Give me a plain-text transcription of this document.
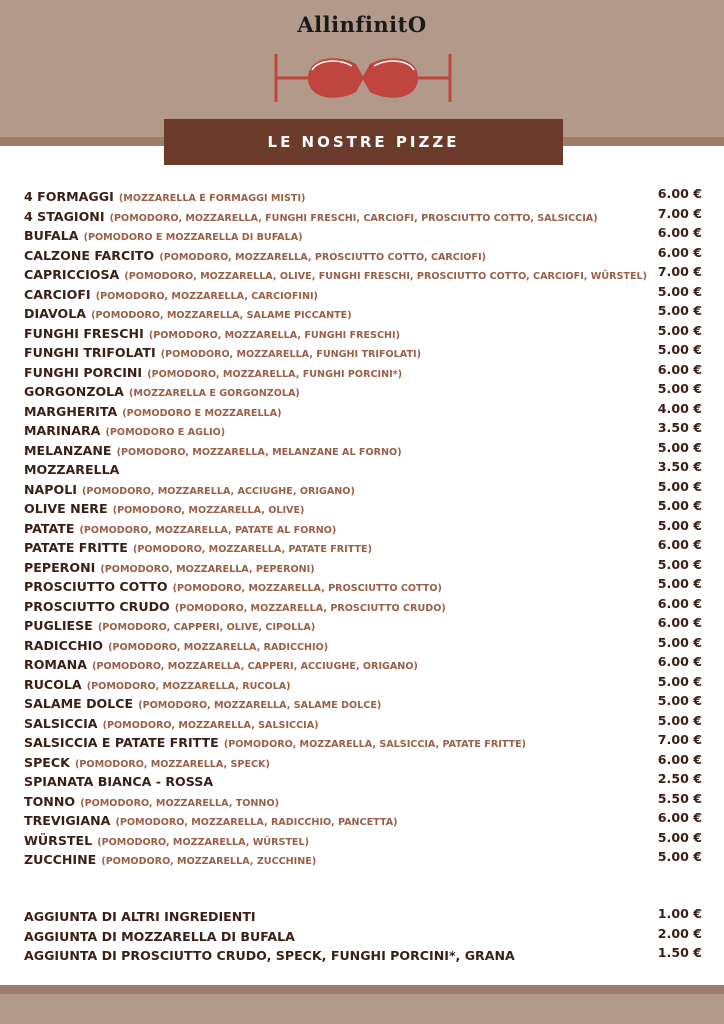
AllinfinitO
LE NOSTRE PIZZE
4 FORMAGGI (MOZZARELLA E FORMAGGI MISTI)	6.00 €
4 STAGIONI (POMODORO, MOZZARELLA, FUNGHI FRESCHI, CARCIOFI, PROSCIUTTO COTTO, SALSICCIA)	7.00 €
BUFALA (POMODORO E MOZZARELLA DI BUFALA)	6.00 €
CALZONE FARCITO (POMODORO, MOZZARELLA, PROSCIUTTO COTTO, CARCIOFI)	6.00 €
CAPRICCIOSA (POMODORO, MOZZARELLA, OLIVE, FUNGHI FRESCHI, PROSCIUTTO COTTO, CARCIOFI, WÜRSTEL) 7.00 €
CARCIOFI (POMODORO, MOZZARELLA, CARCIOFINI)	5.00 €
DIAVOLA (POMODORO, MOZZARELLA, SALAME PICCANTE)	5.00 €
FUNGHI FRESCHI (POMODORO, MOZZARELLA, FUNGHI FRESCHI)	5.00 €
FUNGHI TRIFOLATI (POMODORO, MOZZARELLA, FUNGHI TRIFOLATI)	5.00 €
FUNGHI PORCINI (POMODORO, MOZZARELLA, FUNGHI PORCINI*)	6.00 €
GORGONZOLA (MOZZARELLA E GORGONZOLA)	5.00 €
MARGHERITA (POMODORO E MOZZARELLA)	4.00 €
MARINARA (POMODORO E AGLIO)	3.50 €
MELANZANE (POMODORO, MOZZARELLA, MELANZANE AL FORNO)	5.00 €
MOZZARELLA	3.50 €
NAPOLI (POMODORO, MOZZARELLA, ACCIUGHE, ORIGANO)	5.00 €
OLIVE NERE (POMODORO, MOZZARELLA, OLIVE)	5.00 €
PATATE (POMODORO, MOZZARELLA, PATATE AL FORNO)	5.00 €
PATATE FRITTE (POMODORO, MOZZARELLA, PATATE FRITTE)	6.00 €
PEPERONI (POMODORO, MOZZARELLA, PEPERONI)	5.00 €
PROSCIUTTO COTTO (POMODORO, MOZZARELLA, PROSCIUTTO COTTO)	5.00 €
PROSCIUTTO CRUDO (POMODORO, MOZZARELLA, PROSCIUTTO CRUDO)	6.00 €
PUGLIESE (POMODORO, CAPPERI, OLIVE, CIPOLLA)	6.00 €
RADICCHIO (POMODORO, MOZZARELLA, RADICCHIO)	5.00 €
ROMANA (POMODORO, MOZZARELLA, CAPPERI, ACCIUGHE, ORIGANO)	6.00 €
RUCOLA (POMODORO, MOZZARELLA, RUCOLA)	5.00 €
SALAME DOLCE (POMODORO, MOZZARELLA, SALAME DOLCE)	5.00 €
SALSICCIA (POMODORO, MOZZARELLA, SALSICCIA)	5.00 €
SALSICCIA E PATATE FRITTE (POMODORO, MOZZARELLA, SALSICCIA, PATATE FRITTE)	7.00 €
SPECK (POMODORO, MOZZARELLA, SPECK)	6.00 €
SPIANATA BIANCA - ROSSA	2.50 €
TONNO (POMODORO, MOZZARELLA, TONNO)	5.50 €
TREVIGIANA (POMODORO, MOZZARELLA, RADICCHIO, PANCETTA)	6.00 €
WÜRSTEL (POMODORO, MOZZARELLA, WÜRSTEL)	5.00 €
ZUCCHINE (POMODORO, MOZZARELLA, ZUCCHINE)	5.00 €
AGGIUNTA DI ALTRI INGREDIENTI	1.00 €
AGGIUNTA DI MOZZARELLA DI BUFALA	2.00 €
AGGIUNTA DI PROSCIUTTO CRUDO, SPECK, FUNGHI PORCINI*, GRANA	1.50 €
